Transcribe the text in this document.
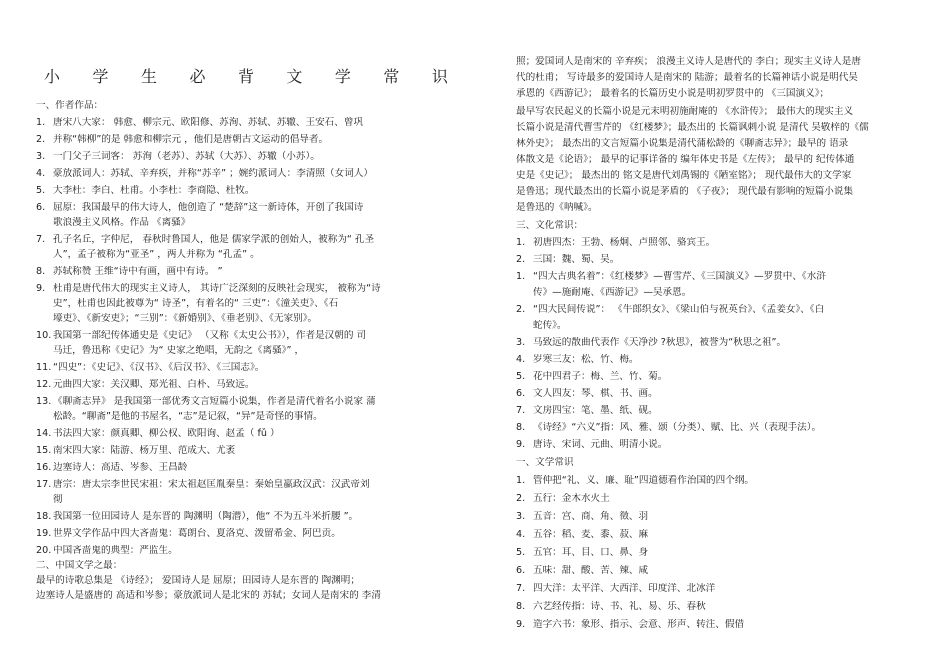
小 学 生 必 背 文 学 常 识
一、作者作品：
1. 唐宋八大家： 韩愈、柳宗元、欧阳修、苏洵、苏轼、苏辙、王安石、曾巩
2. 并称“韩柳”的是 韩愈和柳宗元 ，他们是唐朝古文运动的倡导者。
3. 一门父子三词客： 苏洵（老苏）、苏轼（大苏）、苏辙（小苏）。
4. 豪放派词人：苏轼、辛弃疾，并称“苏辛” ；婉约派词人：李清照（女词人）
5. 大李杜：李白、杜甫。小李杜：李商隐、杜牧。
6. 屈原：我国最早的伟大诗人，他创造了 “楚辞”这一新诗体，开创了我国诗
歌浪漫主义风格。作品 《离骚》
7. 孔子名丘，字仲尼， 春秋时鲁国人，他是 儒家学派的创始人，被称为“ 孔圣
人”，孟子被称为“亚圣” ，两人并称为 “孔孟” 。
8. 苏轼称赞 王维“诗中有画，画中有诗。 ”
9. 杜甫是唐代伟大的现实主义诗人， 其诗广泛深刻的反映社会现实， 被称为“诗
史”，杜甫也因此被尊为“ 诗圣”，有着名的“ 三吏”：《潼关吏》、《石
壕吏》、《新安吏》；“三别”：《新婚别》、《垂老别》、《无家别》。
10. 我国第一部纪传体通史是《史记》 （又称《太史公书》），作者是汉朝的 司
马迁，鲁迅称《史记》为“ 史家之绝唱，无韵之《离骚》” ，
11. “四史”：《史记》、《汉书》、《后汉书》、《三国志》。
12. 元曲四大家：关汉卿、郑光祖、白朴、马致远。
13. 《聊斋志异》 是我国第一部优秀文言短篇小说集，作者是清代着名小说家 蒲
松龄。“聊斋”是他的书屋名，“志”是记叙，“异”是奇怪的事情。
14. 书法四大家：颜真卿、柳公权、欧阳询、赵孟（ fǔ ）
15. 南宋四大家：陆游、杨万里、范成大、尤袤
16. 边塞诗人：高适、岑参、王昌龄
17. 唐宗：唐太宗李世民宋祖：宋太祖赵匡胤秦皇：秦始皇嬴政汉武：汉武帝刘
彻
18. 我国第一位田园诗人 是东晋的 陶渊明（陶潜），他“ 不为五斗米折腰 ”。
19. 世界文学作品中四大吝啬鬼：葛朗台、夏洛克、泼留希金、阿巴贡。
20. 中国吝啬鬼的典型：严监生。
二、中国文学之最：
最早的诗歌总集是 《诗经》； 爱国诗人是 屈原；田园诗人是东晋的 陶渊明；
边塞诗人是盛唐的 高适和岑参；豪放派词人是北宋的 苏轼；女词人是南宋的 李清
照；爱国词人是南宋的 辛弃疾； 浪漫主义诗人是唐代的 李白；现实主义诗人是唐
代的杜甫； 写诗最多的爱国诗人是南宋的 陆游；最着名的长篇神话小说是明代吴
承恩的《西游记》； 最着名的长篇历史小说是明初罗贯中的 《三国演义》；
最早写农民起义的长篇小说是元末明初施耐庵的 《水浒传》； 最伟大的现实主义
长篇小说是清代曹雪芹的 《红楼梦》；最杰出的 长篇讽刺小说 是清代 吴敬梓的《儒
林外史》； 最杰出的文言短篇小说集是清代蒲松龄的《聊斋志异》；最早的 语录
体散文是《论语》； 最早的记事详备的 编年体史书是《左传》； 最早的 纪传体通
史是《史记》； 最杰出的 铭文是唐代刘禹锡的《陋室铭》； 现代最伟大的文学家
是鲁迅；现代最杰出的长篇小说是茅盾的 《子夜》； 现代最有影响的短篇小说集
是鲁迅的《呐喊》。
三、文化常识：
1. 初唐四杰：王勃、杨炯、卢照邻、骆宾王。
2. 三国：魏、蜀、吴。
1. “四大古典名着”：《红楼梦》—曹雪芹、《三国演义》—罗贯中、《水浒
传》—施耐庵、《西游记》—吴承恩。
2. “四大民间传说”： 《牛郎织女》、《梁山伯与祝英台》、《孟姜女》、《白
蛇传》。
3. 马致远的散曲代表作《天净沙 ?秋思》，被誉为“秋思之祖”。
4. 岁寒三友：松、竹、梅。
5. 花中四君子：梅、兰、竹、菊。
6. 文人四友：琴、棋、书、画。
7. 文房四宝：笔、墨、纸、砚。
8. 《诗经》“六义”指：风、雅、颂（分类）、赋、比、兴（表现手法）。
9. 唐诗、宋词、元曲、明清小说。
一、文学常识
1. 管仲把“礼、义、廉、耻”四道德看作治国的四个纲。
2. 五行：金木水火土
3. 五音：宫、商、角、徵、羽
4. 五谷：稻、麦、黍、菽、麻
5. 五官：耳、目、口、鼻、身
6. 五味：甜、酸、苦、辣、咸
7. 四大洋：太平洋、大西洋、印度洋、北冰洋
8. 六艺经传指：诗、书、礼、易、乐、春秋
9. 造字六书：象形、指示、会意、形声、转注、假借
